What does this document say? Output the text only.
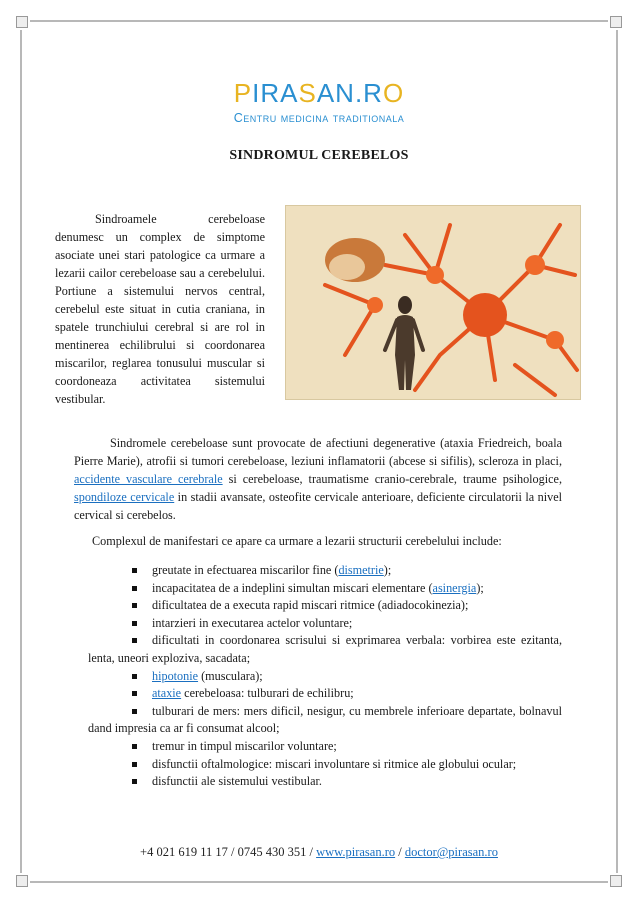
PIRASAN.RO
Centru medicina traditionala
SINDROMUL CEREBELOS

Sindroamele cerebeloase denumesc un complex de simptome asociate unei stari patologice ca urmare a lezarii cailor cerebeloase sau a cerebelului. Portiune a sistemului nervos central, cerebelul este situat in cutia craniana, in spatele trunchiului cerebral si are rol in mentinerea echilibrului si coordonarea miscarilor, reglarea tonusului muscular si coordoneaza activitatea sistemului vestibular.

Sindromele cerebeloase sunt provocate de afectiuni degenerative (ataxia Friedreich, boala Pierre Marie), atrofii si tumori cerebeloase, leziuni inflamatorii (abcese si sifilis), scleroza in placi, accidente vasculare cerebrale si cerebeloase, traumatisme cranio-cerebrale, traume psihologice, spondiloze cervicale in stadii avansate, osteofite cervicale anterioare, deficiente circulatorii la nivel cervical si cerebelos.
Complexul de manifestari ce apare ca urmare a lezarii structurii cerebelului include:
greutate in efectuarea miscarilor fine (dismetrie);
incapacitatea de a indeplini simultan miscari elementare (asinergia);
dificultatea de a executa rapid miscari ritmice (adiadocokinezia);
intarzieri in executarea actelor voluntare;
dificultati in coordonarea scrisului si exprimarea verbala: vorbirea este ezitanta, lenta, uneori exploziva, sacadata;
hipotonie (musculara);
ataxie cerebeloasa: tulburari de echilibru;
tulburari de mers: mers dificil, nesigur, cu membrele inferioare departate, bolnavul dand impresia ca ar fi consumat alcool;
tremur in timpul miscarilor voluntare;
disfunctii oftalmologice: miscari involuntare si ritmice ale globului ocular;
disfunctii ale sistemului vestibular.
+4 021 619 11 17 / 0745 430 351 / www.pirasan.ro / doctor@pirasan.ro
